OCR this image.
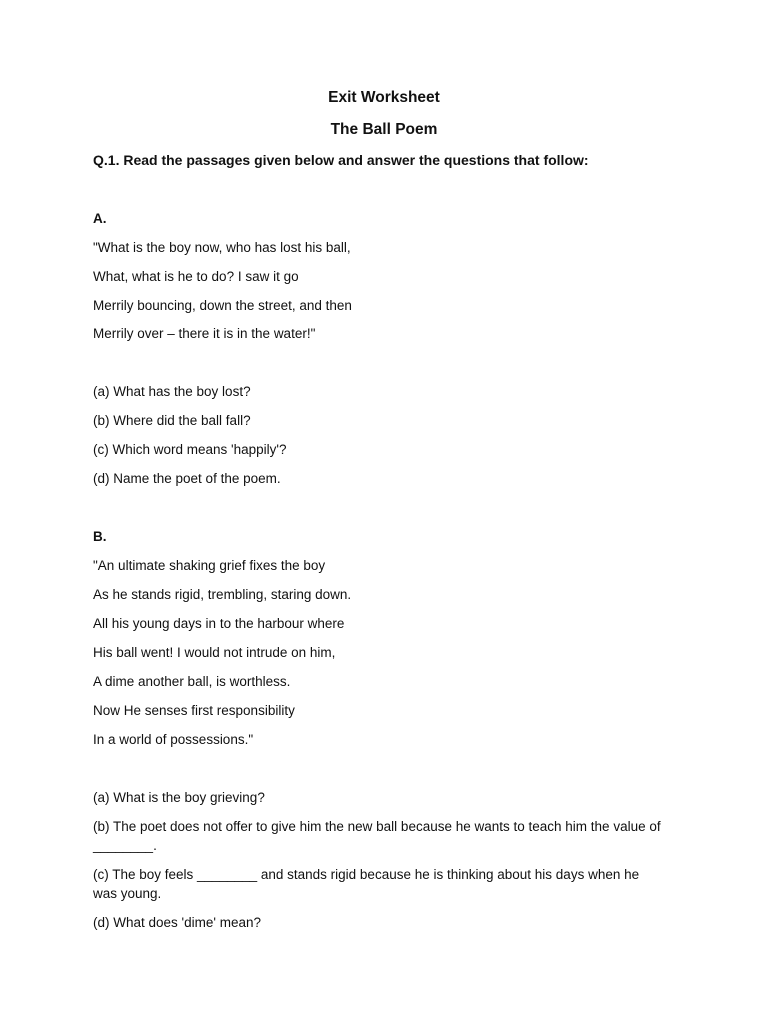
Exit Worksheet
The Ball Poem
Q.1. Read the passages given below and answer the questions that follow:
A.
"What is the boy now, who has lost his ball,
What, what is he to do? I saw it go
Merrily bouncing, down the street, and then
Merrily over – there it is in the water!"
(a) What has the boy lost?
(b) Where did the ball fall?
(c) Which word means 'happily'?
(d) Name the poet of the poem.
B.
"An ultimate shaking grief fixes the boy
As he stands rigid, trembling, staring down.
All his young days in to the harbour where
His ball went! I would not intrude on him,
A dime another ball, is worthless.
Now He senses first responsibility
In a world of possessions."
(a) What is the boy grieving?
(b) The poet does not offer to give him the new ball because he wants to teach him the value of ________.
(c) The boy feels ________ and stands rigid because he is thinking about his days when he was young.
(d) What does 'dime' mean?
